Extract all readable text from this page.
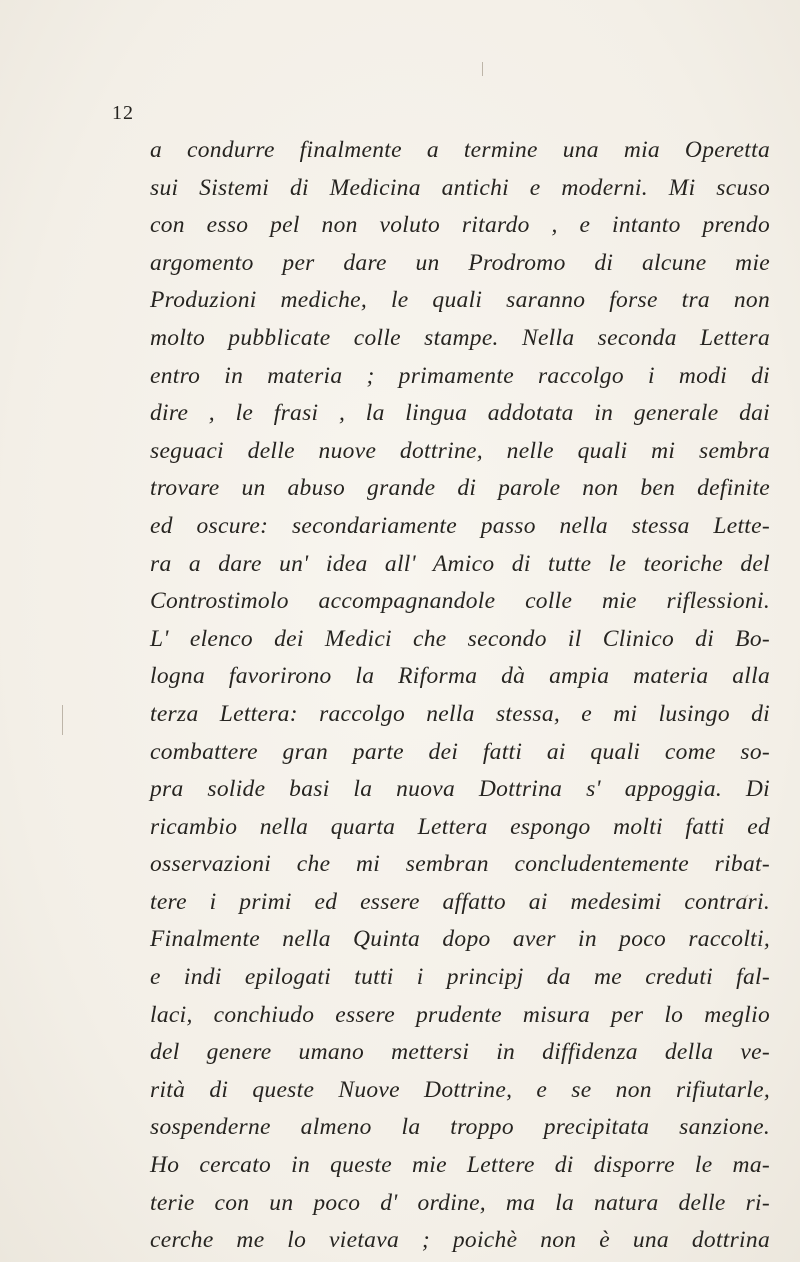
12
a condurre finalmente a termine una mia Operetta
sui Sistemi di Medicina antichi e moderni. Mi scuso
con esso pel non voluto ritardo , e intanto prendo
argomento per dare un Prodromo di alcune mie
Produzioni mediche, le quali saranno forse tra non
molto pubblicate colle stampe. Nella seconda Lettera
entro in materia ; primamente raccolgo i modi di
dire , le frasi , la lingua addotata in generale dai
seguaci delle nuove dottrine, nelle quali mi sembra
trovare un abuso grande di parole non ben definite
ed oscure: secondariamente passo nella stessa Lette-
ra a dare un' idea all' Amico di tutte le teoriche del
Controstimolo accompagnandole colle mie riflessioni.
L' elenco dei Medici che secondo il Clinico di Bo-
logna favorirono la Riforma dà ampia materia alla
terza Lettera: raccolgo nella stessa, e mi lusingo di
combattere gran parte dei fatti ai quali come so-
pra solide basi la nuova Dottrina s' appoggia. Di
ricambio nella quarta Lettera espongo molti fatti ed
osservazioni che mi sembran concludentemente ribat-
tere i primi ed essere affatto ai medesimi contrari.
Finalmente nella Quinta dopo aver in poco raccolti,
e indi epilogati tutti i principj da me creduti fal-
laci, conchiudo essere prudente misura per lo meglio
del genere umano mettersi in diffidenza della ve-
rità di queste Nuove Dottrine, e se non rifiutarle,
sospenderne almeno la troppo precipitata sanzione.
Ho cercato in queste mie Lettere di disporre le ma-
terie con un poco d' ordine, ma la natura delle ri-
cerche me lo vietava ; poichè non è una dottrina
